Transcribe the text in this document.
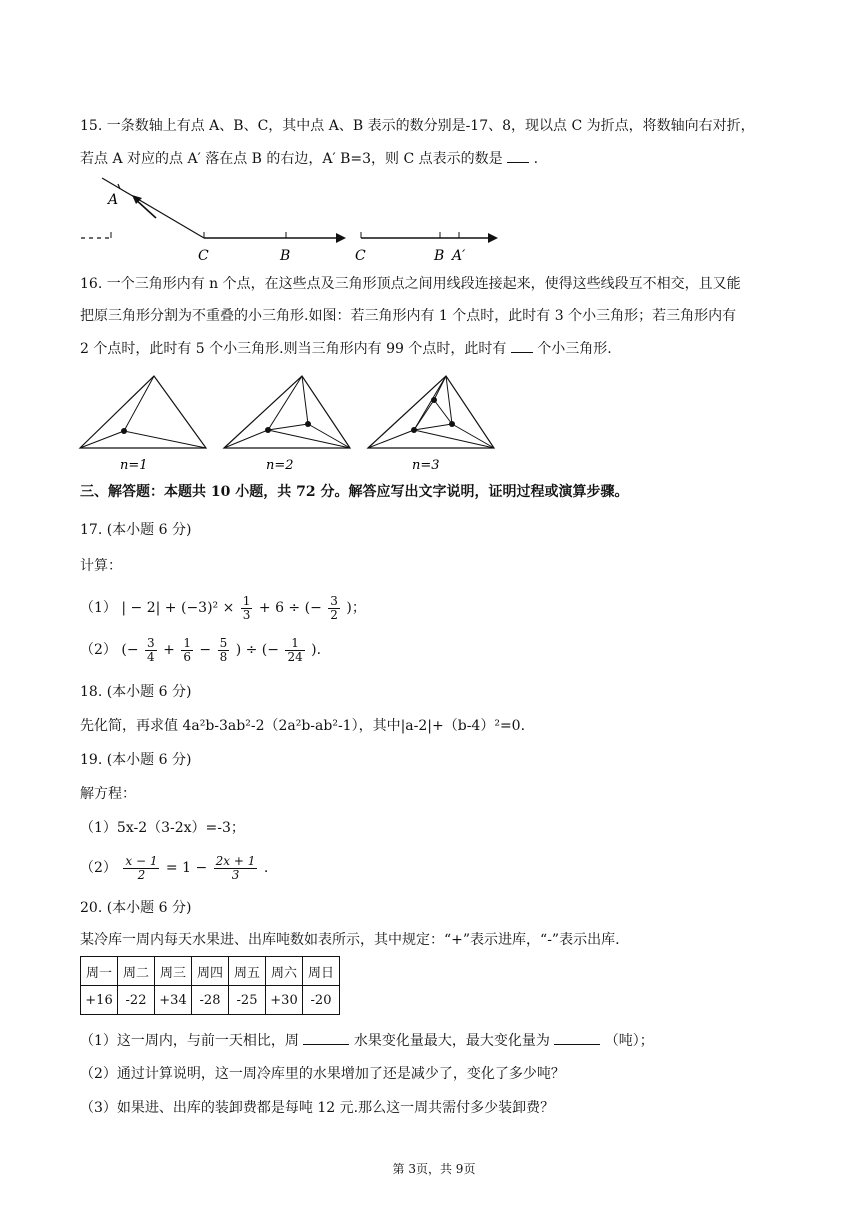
15. 一条数轴上有点 A、B、C，其中点 A、B 表示的数分别是-17、8，现以点 C 为折点，将数轴向右对折，
若点 A 对应的点 A′ 落在点 B 的右边，A′ B=3，则 C 点表示的数是 .
A
C	B	C	B A′
16. 一个三角形内有 n 个点，在这些点及三角形顶点之间用线段连接起来，使得这些线段互不相交，且又能
把原三角形分割为不重叠的小三角形.如图：若三角形内有 1 个点时，此时有 3 个小三角形；若三角形内有
2 个点时，此时有 5 个小三角形.则当三角形内有 99 个点时，此时有 个小三角形.
n=1	n=2	n=3
三、解答题：本题共 10 小题，共 72 分。解答应写出文字说明，证明过程或演算步骤。
17. (本小题 6 分)
计算：
（1） | − $2| + (-3)^2 \times \frac{1}{3} + 6$ ÷ (− $\frac{3}{2}$ )；
（2） (− $\frac{3}{4} + \frac{1}{6} - \frac{5}{8}$ ) ÷ (− $\frac{1}{24}$ ).
18. (本小题 6 分)
先化简，再求值 4a²b-3ab²-2（2a²b-ab²-1），其中|a-2|+（b-4）²=0.
19. (本小题 6 分)
解方程：
（1）5x-2（3-2x）=-3；
$(2) \frac{x - 1}{2} = 1 - \frac{2x + 1}{3}$ .
20. (本小题 6 分)
某冷库一周内每天水果进、出库吨数如表所示，其中规定：“+”表示进库，“-”表示出库.
周一	周二	周三	周四	周五	周六	周日
+16	-22	+34	-28	-25	+30	-20
（1）这一周内，与前一天相比，周	水果变化量最大，最大变化量为	（吨）；
（2）通过计算说明，这一周冷库里的水果增加了还是减少了，变化了多少吨？
（3）如果进、出库的装卸费都是每吨 12 元.那么这一周共需付多少装卸费？
第 3页，共 9页
